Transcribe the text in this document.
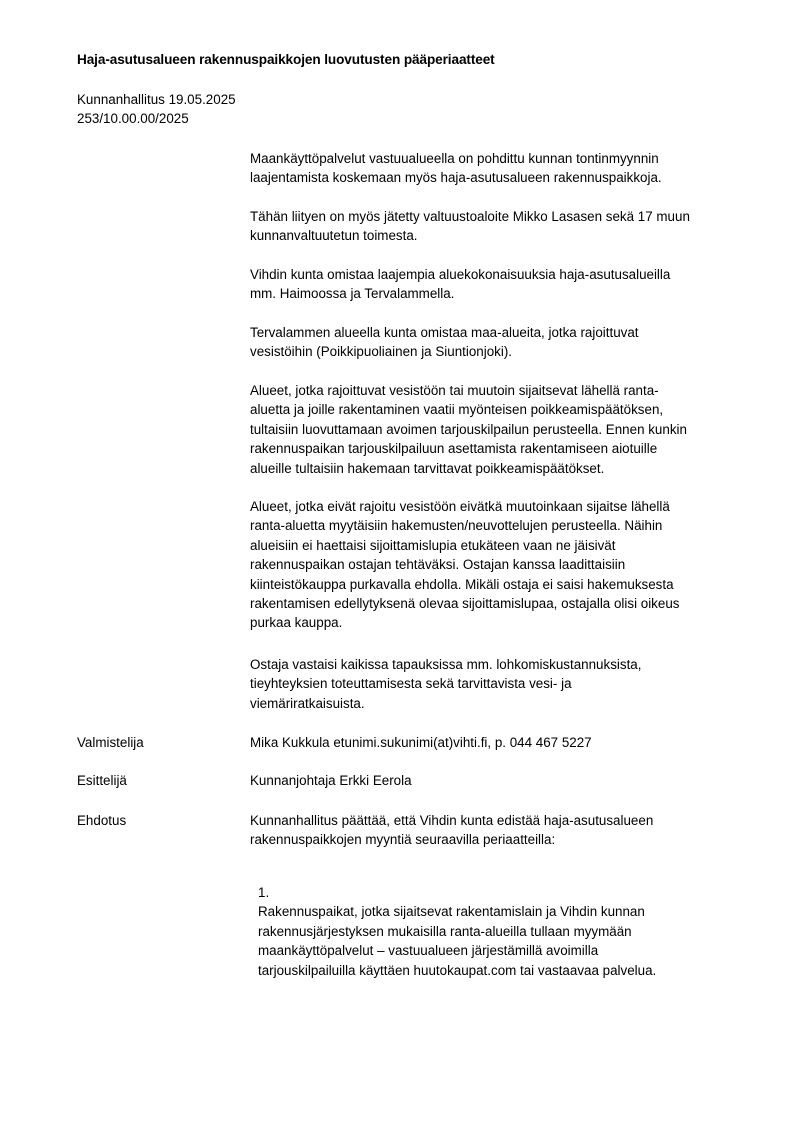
Haja-asutusalueen rakennuspaikkojen luovutusten pääperiaatteet
Kunnanhallitus 19.05.2025
253/10.00.00/2025

Maankäyttöpalvelut vastuualueella on pohdittu kunnan tontinmyynnin
laajentamista koskemaan myös haja-asutusalueen rakennuspaikkoja.

Tähän liityen on myös jätetty valtuustoaloite Mikko Lasasen sekä 17 muun
kunnanvaltuutetun toimesta.

Vihdin kunta omistaa laajempia aluekokonaisuuksia haja-asutusalueilla
mm. Haimoossa ja Tervalammella.

Tervalammen alueella kunta omistaa maa-alueita, jotka rajoittuvat
vesistöihin (Poikkipuoliainen ja Siuntionjoki).

Alueet, jotka rajoittuvat vesistöön tai muutoin sijaitsevat lähellä ranta-
aluetta ja joille rakentaminen vaatii myönteisen poikkeamispäätöksen,
tultaisiin luovuttamaan avoimen tarjouskilpailun perusteella. Ennen kunkin
rakennuspaikan tarjouskilpailuun asettamista rakentamiseen aiotuille
alueille tultaisiin hakemaan tarvittavat poikkeamispäätökset.

Alueet, jotka eivät rajoitu vesistöön eivätkä muutoinkaan sijaitse lähellä
ranta-aluetta myytäisiin hakemusten/neuvottelujen perusteella. Näihin
alueisiin ei haettaisi sijoittamislupia etukäteen vaan ne jäisivät
rakennuspaikan ostajan tehtäväksi. Ostajan kanssa laadittaisiin
kiinteistökauppa purkavalla ehdolla. Mikäli ostaja ei saisi hakemuksesta
rakentamisen edellytyksenä olevaa sijoittamislupaa, ostajalla olisi oikeus
purkaa kauppa.

Ostaja vastaisi kaikissa tapauksissa mm. lohkomiskustannuksista,
tieyhteyksien toteuttamisesta sekä tarvittavista vesi- ja
viemäriratkaisuista.

Valmistelija	Mika Kukkula etunimi.sukunimi(at)vihti.fi, p. 044 467 5227
Esittelijä	Kunnanjohtaja Erkki Eerola
Ehdotus	Kunnanhallitus päättää, että Vihdin kunta edistää haja-asutusalueen
rakennuspaikkojen myyntiä seuraavilla periaatteilla:
1.
Rakennuspaikat, jotka sijaitsevat rakentamislain ja Vihdin kunnan
rakennusjärjestyksen mukaisilla ranta-alueilla tullaan myymään
maankäyttöpalvelut – vastuualueen järjestämillä avoimilla
tarjouskilpailuilla käyttäen huutokaupat.com tai vastaavaa palvelua.
